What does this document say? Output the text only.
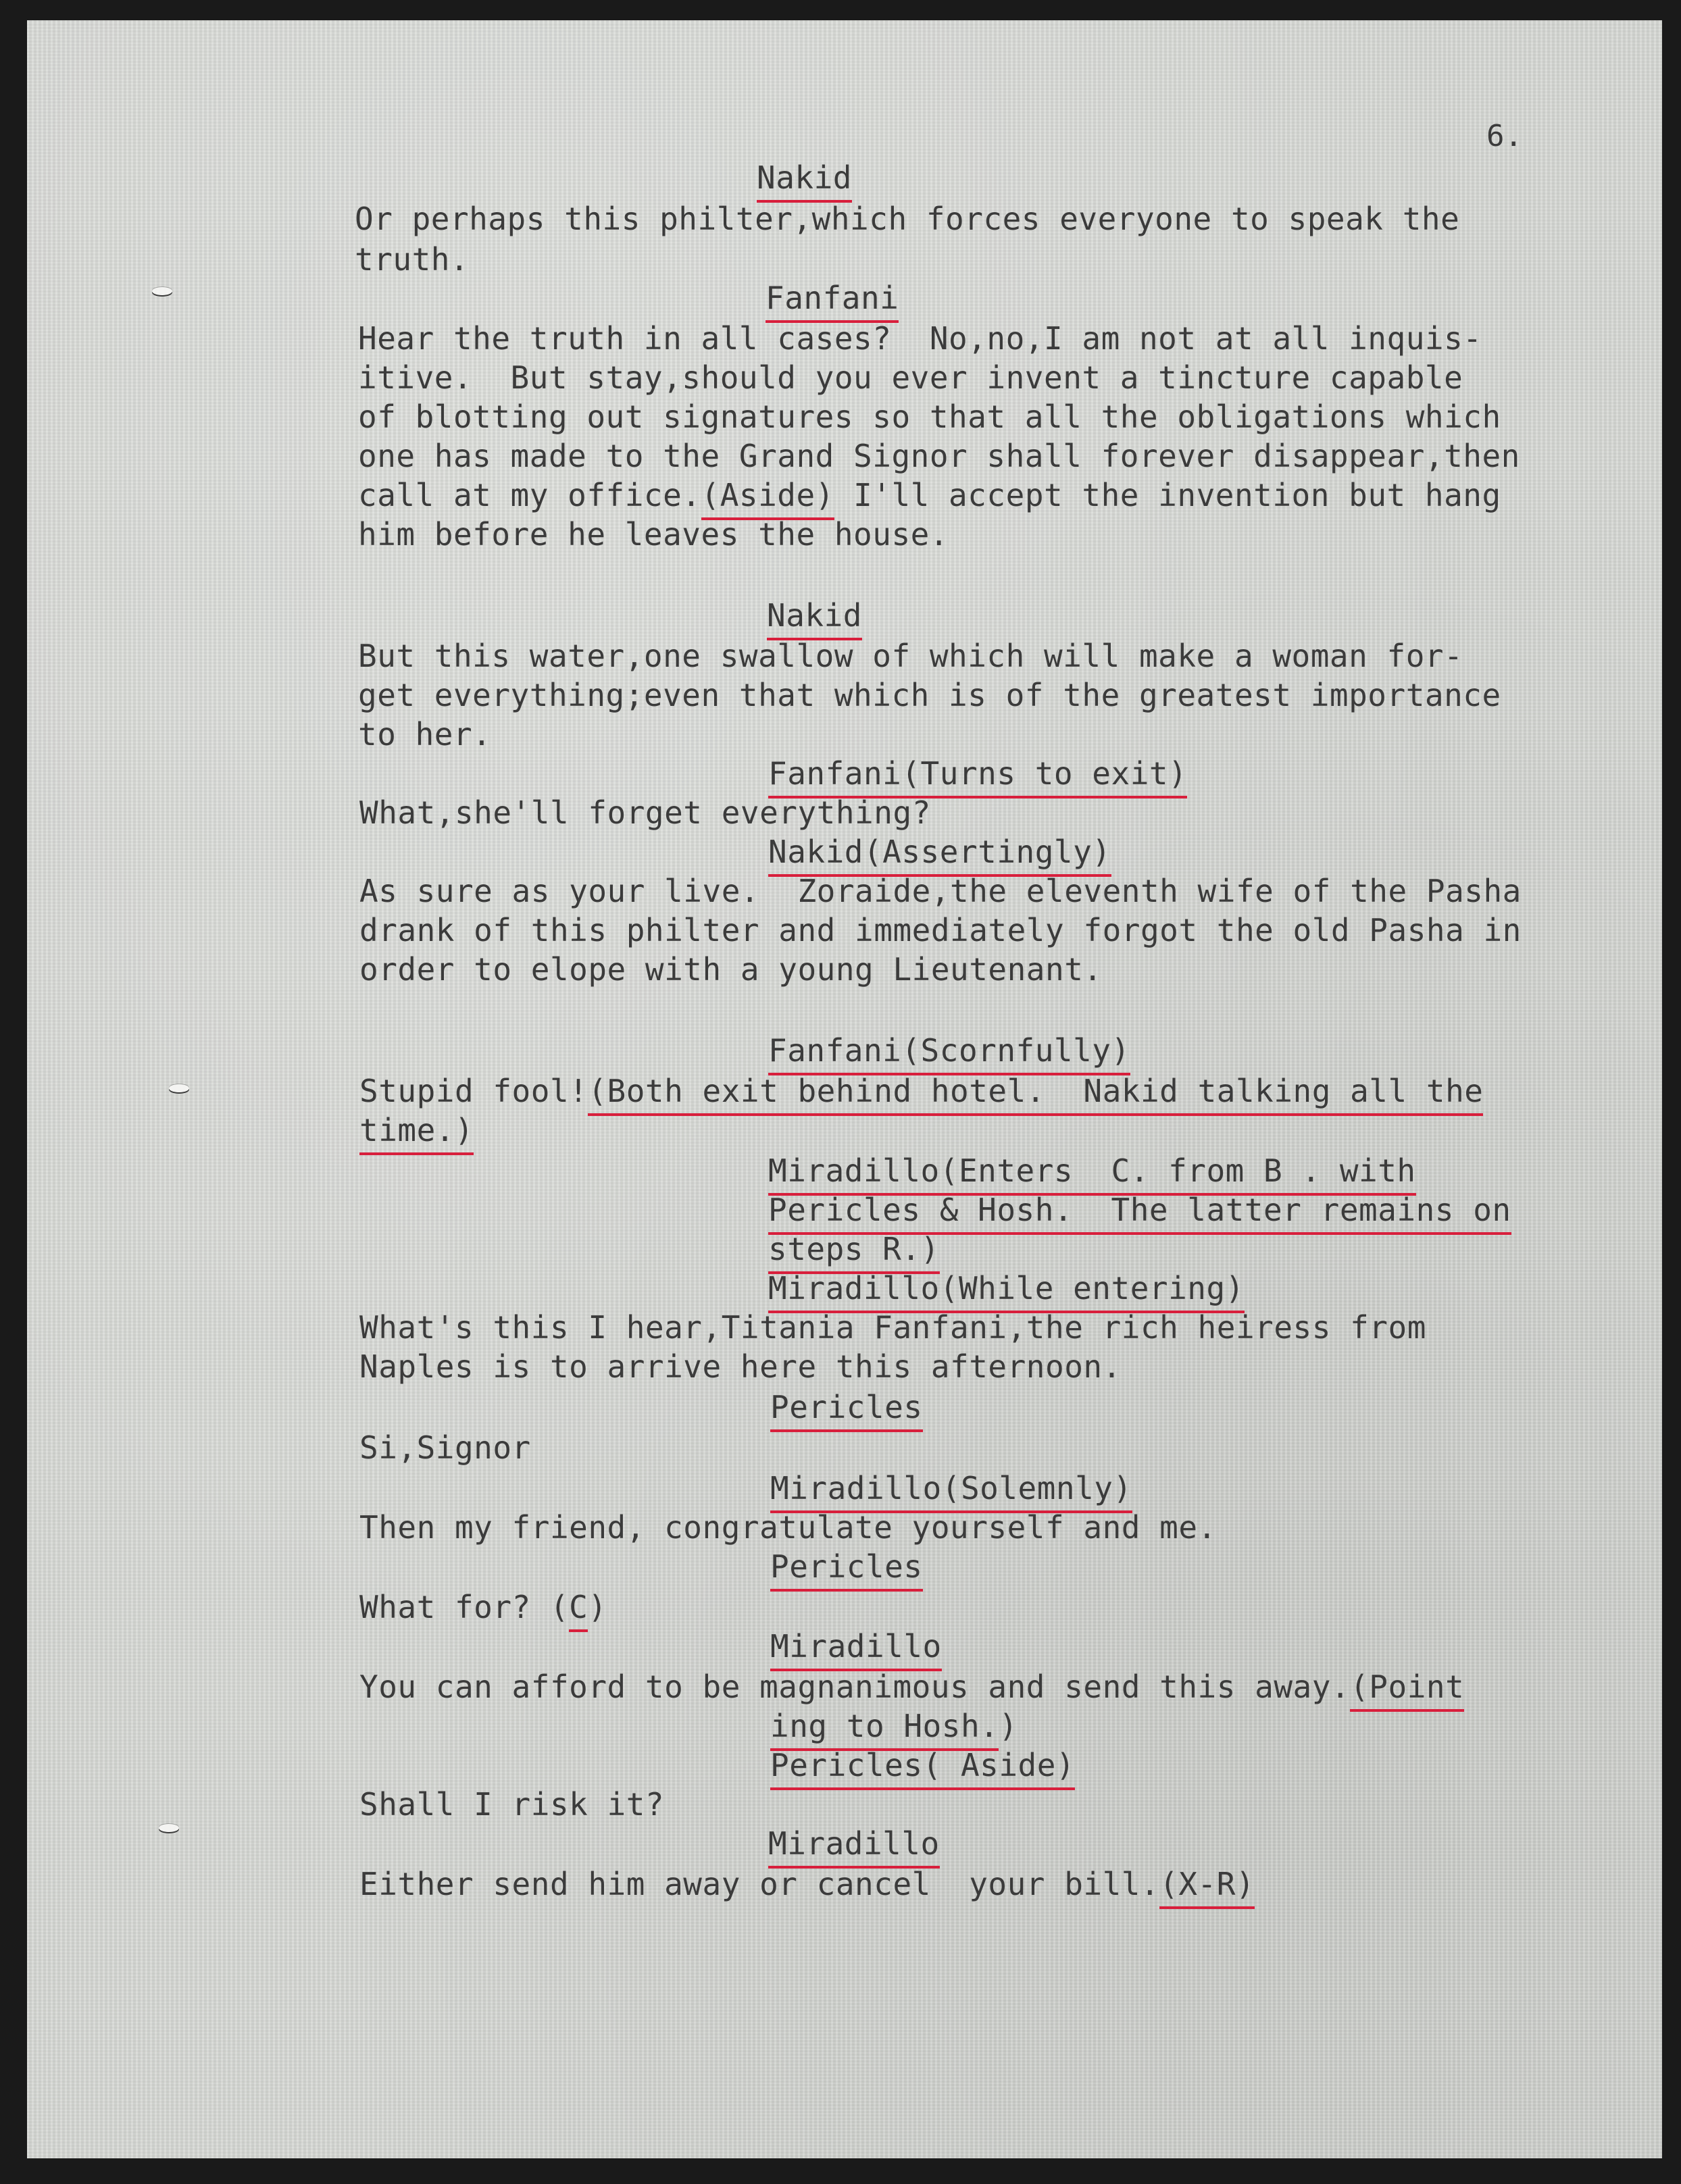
6.

Nakid

Or perhaps this philter,which forces everyone to speak the

truth.

Fanfani

Hear the truth in all cases?  No,no,I am not at all inquis-

itive.  But stay,should you ever invent a tincture capable

of blotting out signatures so that all the obligations which

one has made to the Grand Signor shall forever disappear,then

call at my office.(Aside) I'll accept the invention but hang

him before he leaves the house.

Nakid

But this water,one swallow of which will make a woman for-

get everything;even that which is of the greatest importance

to her.

Fanfani(Turns to exit)

What,she'll forget everything?

Nakid(Assertingly)

As sure as your live.  Zoraide,the eleventh wife of the Pasha

drank of this philter and immediately forgot the old Pasha in

order to elope with a young Lieutenant.

Fanfani(Scornfully)

Stupid fool!(Both exit behind hotel.  Nakid talking all the

time.)

Miradillo(Enters  C. from B . with

Pericles & Hosh.  The latter remains on

steps R.)

Miradillo(While entering)

What's this I hear,Titania Fanfani,the rich heiress from

Naples is to arrive here this afternoon.

Pericles

Si,Signor

Miradillo(Solemnly)

Then my friend, congratulate yourself and me.

Pericles

What for? (C)

Miradillo

You can afford to be magnanimous and send this away.(Point

ing to Hosh.)

Pericles( Aside)

Shall I risk it?

Miradillo

Either send him away or cancel  your bill.(X-R)
